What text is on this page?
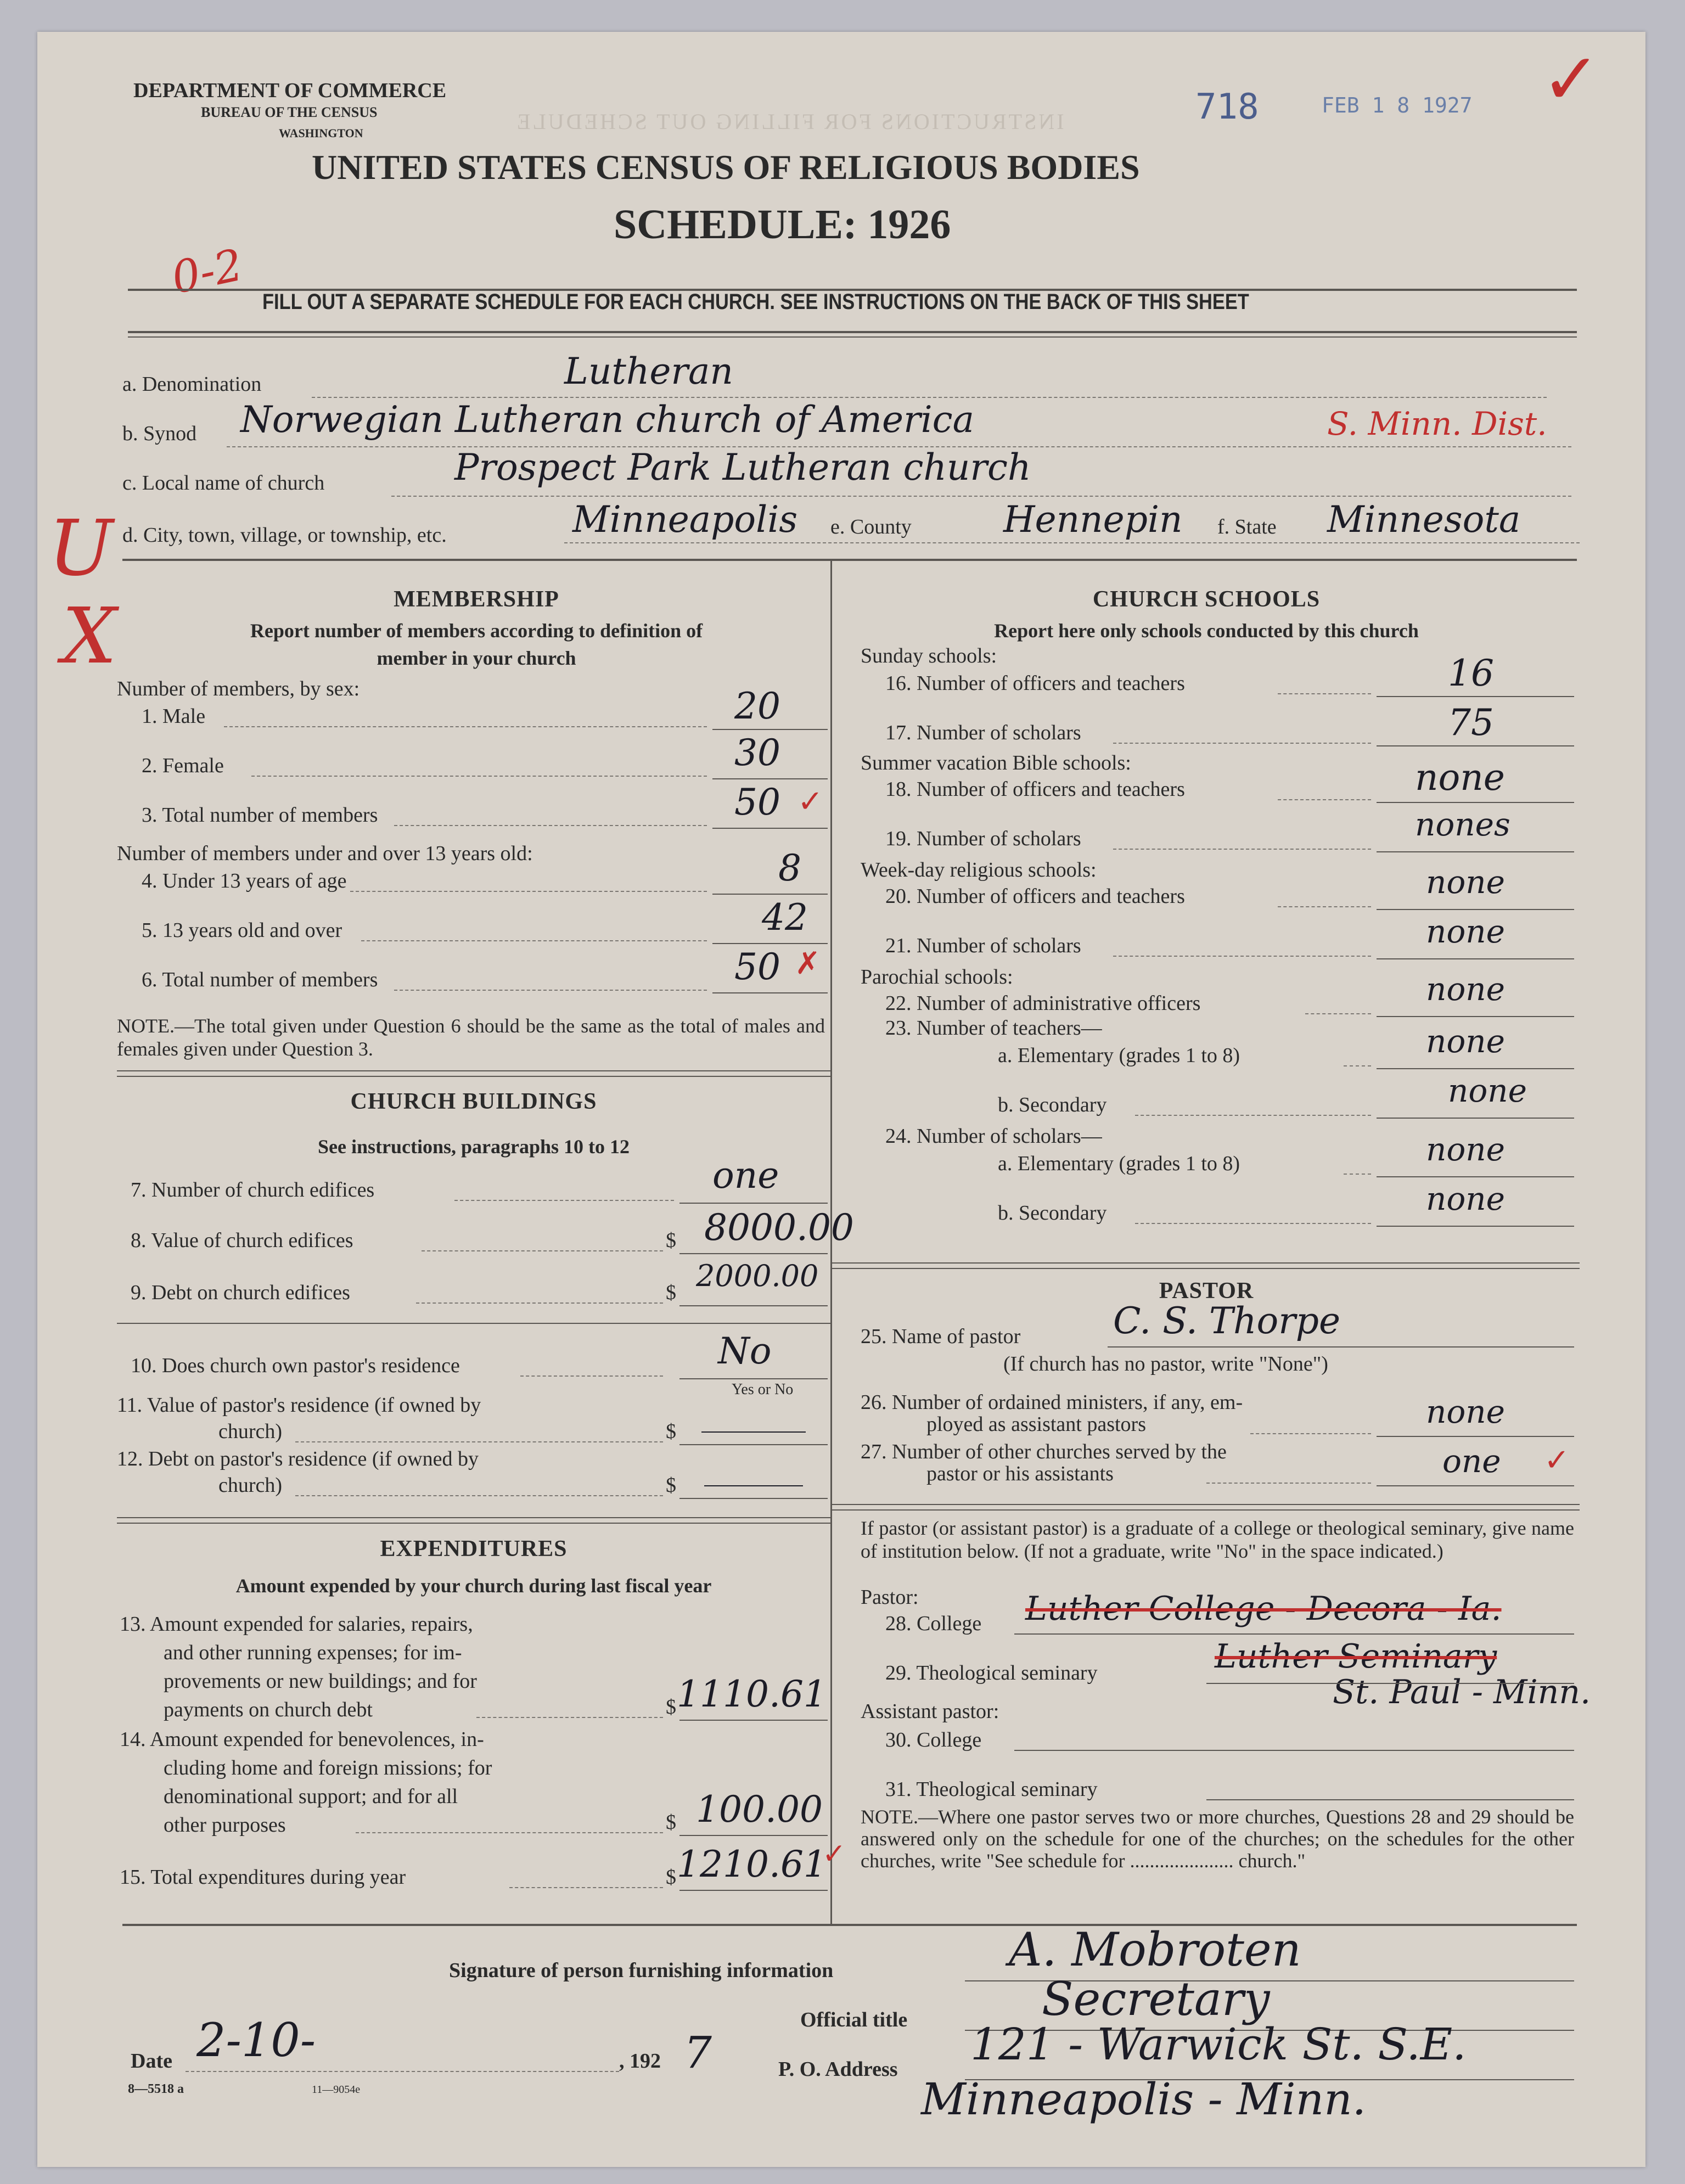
INSTRUCTIONS FOR FILLING OUT SCHEDULE
DEPARTMENT OF COMMERCE
BUREAU OF THE CENSUS
WASHINGTON
718	FEB 1 8 1927 ✓
UNITED STATES CENSUS OF RELIGIOUS BODIES
SCHEDULE: 1926
0-2 FILL OUT A SEPARATE SCHEDULE FOR EACH CHURCH. SEE INSTRUCTIONS ON THE BACK OF THIS SHEET
a. Denomination	Lutheran
b. Synod Norwegian Lutheran church of America	S. Minn. Dist.
c. Local name of church	Prospect Park Lutheran church
U d. City, town, village, or township, etc.	Minneapolis e. County	Hennepin f. State Minnesota
X	MEMBERSHIP
Report number of members according to definition of
member in your church
Number of members, by sex:
1. Male	20
2. Female	30
3. Total number of members	50 ✓
Number of members under and over 13 years old:
4. Under 13 years of age	8
5. 13 years old and over	42
6. Total number of members	50 ✗
NOTE.—The total given under Question 6 should be the same as the total of males and females given under Question 3.
CHURCH BUILDINGS
See instructions, paragraphs 10 to 12
7. Number of church edifices	one
8. Value of church edifices	$ 8000.00
9. Debt on church edifices	$ 2000.00
10. Does church own pastor's residence	No
Yes or No
11. Value of pastor's residence (if owned by
church)	$
12. Debt on pastor's residence (if owned by
church)	$
EXPENDITURES
Amount expended by your church during last fiscal year
13. Amount expended for salaries, repairs,
and other running expenses; for im-
provements or new buildings; and for
payments on church debt	$ 1110.61
14. Amount expended for benevolences, in-
cluding home and foreign missions; for
denominational support; and for all
other purposes	$ 100.00
15. Total expenditures during year	$ 1210.61
✓
CHURCH SCHOOLS
Report here only schools conducted by this church
Sunday schools:
16. Number of officers and teachers	16
17. Number of scholars	75
Summer vacation Bible schools:
18. Number of officers and teachers	none
19. Number of scholars	nones
Week-day religious schools:
20. Number of officers and teachers	none
21. Number of scholars	none
Parochial schools:
22. Number of administrative officers	none
23. Number of teachers—
a. Elementary (grades 1 to 8)	none
b. Secondary	none
24. Number of scholars—
a. Elementary (grades 1 to 8)	none
b. Secondary	none
PASTOR
25. Name of pastor	C. S. Thorpe
(If church has no pastor, write "None")
26. Number of ordained ministers, if any, em-
ployed as assistant pastors	none
27. Number of other churches served by the
pastor or his assistants	one ✓
If pastor (or assistant pastor) is a graduate of a college or theological seminary, give name of institution below. (If not a graduate, write "No" in the space indicated.)
Pastor:
28. College Luther College - Decora - Ia.
29. Theological seminary	Luther Seminary
St. Paul - Minn.
Assistant pastor:
30. College
31. Theological seminary
NOTE.—Where one pastor serves two or more churches, Questions 28 and 29 should be answered only on the schedule for one of the churches; on the schedules for the other churches, write "See schedule for ..................... church."
Signature of person furnishing information	A. Mobroten
Official title	Secretary
Date 2-10-	, 192 7
8—5518 a	11—9054e
P. O. Address 121 - Warwick St. S.E.
Minneapolis - Minn.
